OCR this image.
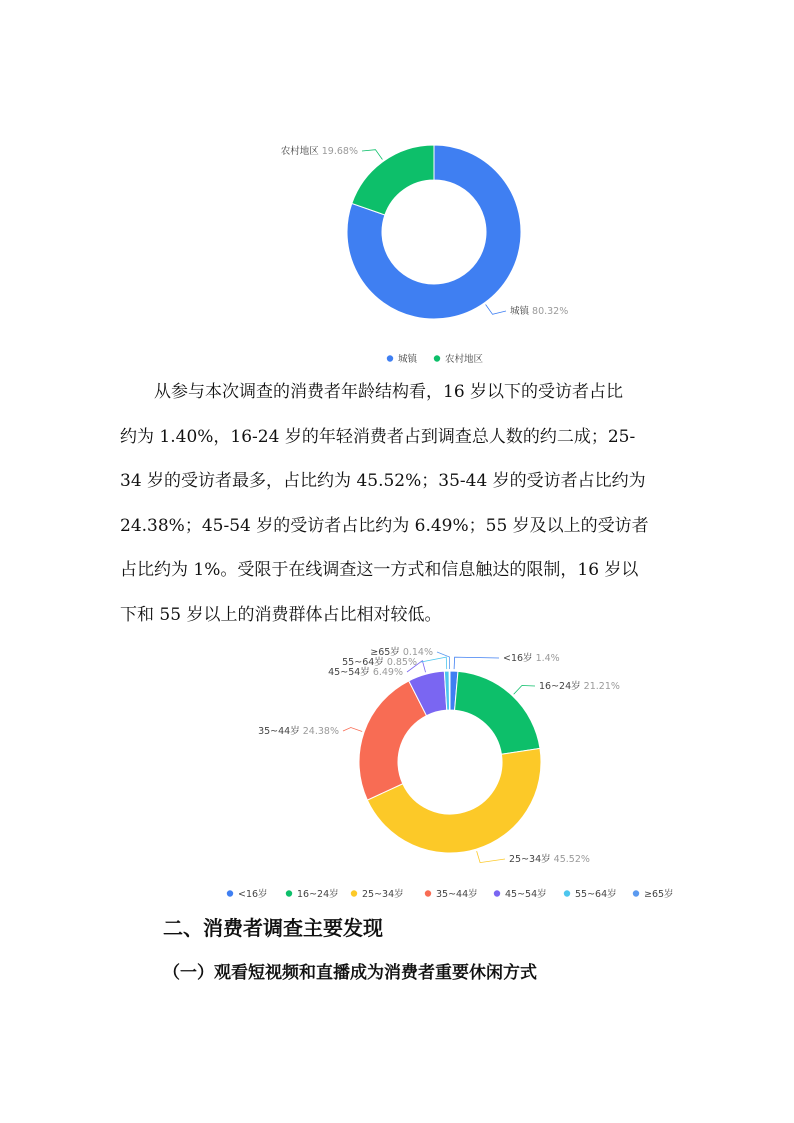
城镇 80.32%
农村地区 19.68%
城镇	农村地区

从参与本次调查的消费者年龄结构看，16 岁以下的受访者占比
约为 1.40%，16-24 岁的年轻消费者占到调查总人数的约二成；25-
34 岁的受访者最多，占比约为 45.52%；35-44 岁的受访者占比约为
24.38%；45-54 岁的受访者占比约为 6.49%；55 岁及以上的受访者
占比约为 1%。受限于在线调查这一方式和信息触达的限制，16 岁以
下和 55 岁以上的消费群体占比相对较低。

<16岁 1.4%
16~24岁 21.21%
25~34岁 45.52%
35~44岁 24.38%
45~54岁 6.49%
55~64岁 0.85%
≥65岁 0.14%
<16岁	16~24岁 25~34岁	35~44岁	45~54岁	55~64岁	≥65岁
二、消费者调查主要发现
（一）观看短视频和直播成为消费者重要休闲方式
